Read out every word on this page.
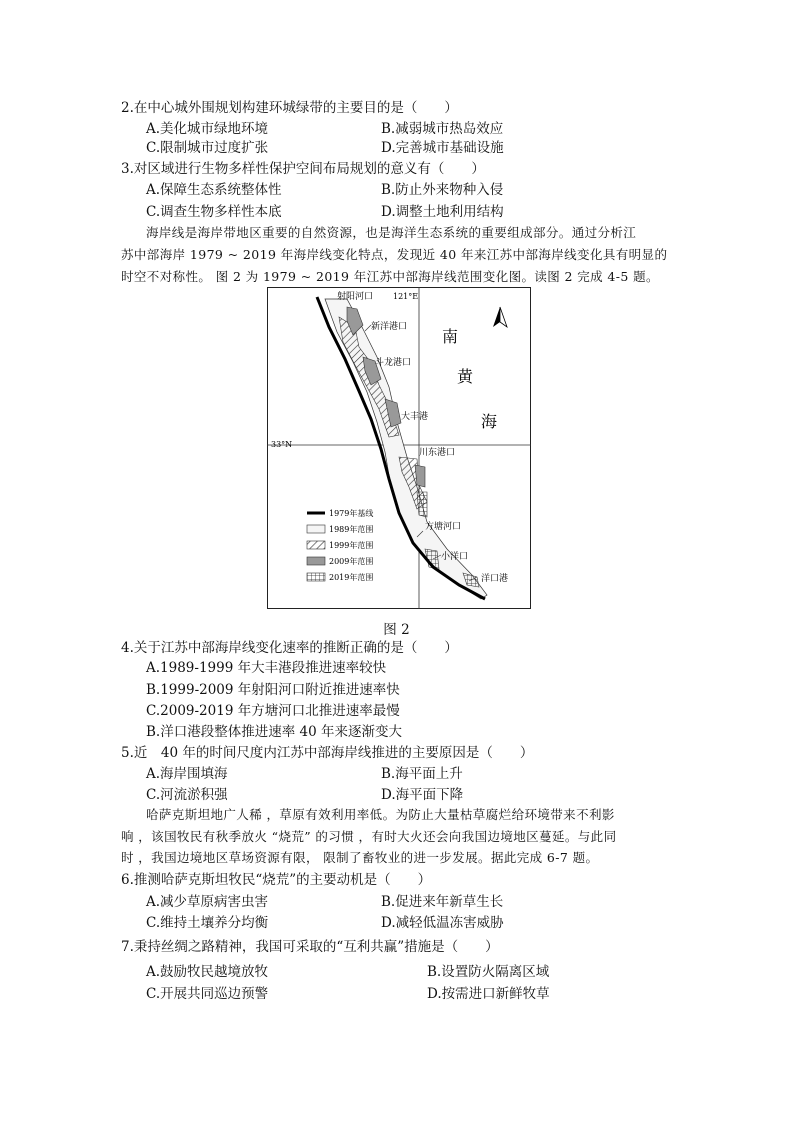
2.在中心城外围规划构建环城绿带的主要目的是（　　）
A.美化城市绿地环境	B.减弱城市热岛效应
C.限制城市过度扩张	D.完善城市基础设施
3.对区域进行生物多样性保护空间布局规划的意义有（　　）
A.保障生态系统整体性	B.防止外来物种入侵
C.调查生物多样性本底	D.调整土地利用结构
海岸线是海岸带地区重要的自然资源，也是海洋生态系统的重要组成部分。通过分析江
苏中部海岸 1979 ~ 2019 年海岸线变化特点，发现近 40 年来江苏中部海岸线变化具有明显的
时空不对称性。 图 2 为 1979 ~ 2019 年江苏中部海岸线范围变化图。读图 2 完成 4-5 题。
射阳河口
新洋港口
斗龙港口
大丰港
川东港口
方塘河口
小洋口
洋口港
121°E
33°N
南
黄
海
1979年基线
1989年范围
1999年范围
2009年范围
2019年范围
图 2
4.关于江苏中部海岸线变化速率的推断正确的是（　　）
A.1989-1999 年大丰港段推进速率较快
B.1999-2009 年射阳河口附近推进速率快
C.2009-2019 年方塘河口北推进速率最慢
B.洋口港段整体推进速率 40 年来逐渐变大
5.近　40 年的时间尺度内江苏中部海岸线推进的主要原因是（　　）
A.海岸围填海	B.海平面上升
C.河流淤积强	D.海平面下降
哈萨克斯坦地广人稀 ，草原有效利用率低。为防止大量枯草腐烂给环境带来不利影
响 ，该国牧民有秋季放火 “烧荒” 的习惯 ，有时大火还会向我国边境地区蔓延。与此同
时 ，我国边境地区草场资源有限， 限制了畜牧业的进一步发展。据此完成 6-7 题。
6.推测哈萨克斯坦牧民“烧荒”的主要动机是（　　）
A.减少草原病害虫害	B.促进来年新草生长
C.维持土壤养分均衡	D.减轻低温冻害威胁
7.秉持丝绸之路精神，我国可采取的“互利共赢”措施是（　　）
A.鼓励牧民越境放牧	B.设置防火隔离区域
C.开展共同巡边预警	D.按需进口新鲜牧草
